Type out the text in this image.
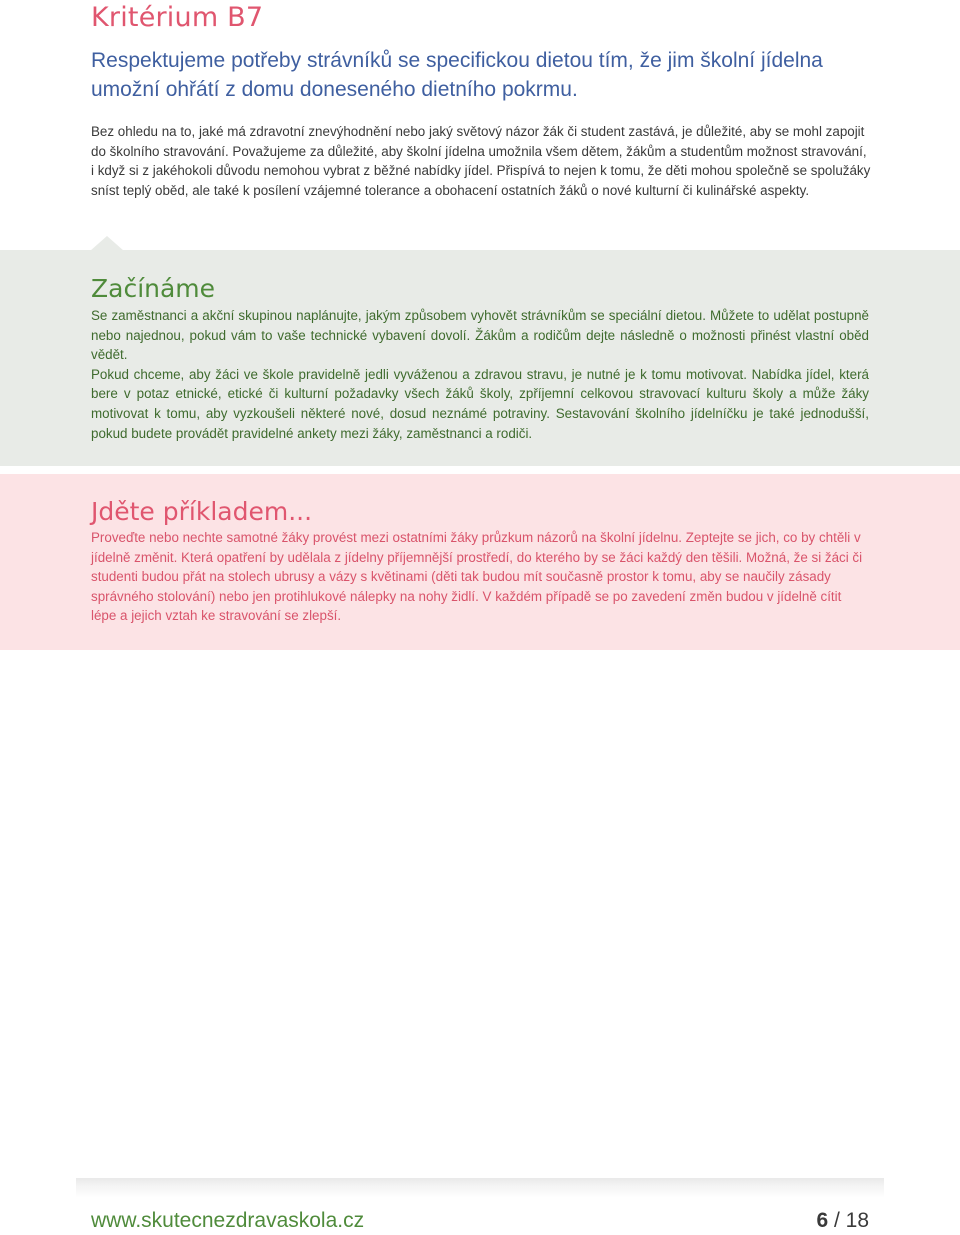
Kritérium B7
Respektujeme potřeby strávníků se specifickou dietou tím, že jim školní jídelna umožní ohřátí z domu doneseného dietního pokrmu.

Bez ohledu na to, jaké má zdravotní znevýhodnění nebo jaký světový názor žák či student zastává, je důležité, aby se mohl zapojit do školního stravování. Považujeme za důležité, aby školní jídelna umožnila všem dětem, žákům a studentům možnost stravování, i když si z jakéhokoli důvodu nemohou vybrat z běžné nabídky jídel. Přispívá to nejen k tomu, že děti mohou společně se spolužáky sníst teplý oběd, ale také k posílení vzájemné tolerance a obohacení ostatních žáků o nové kulturní či kulinářské aspekty.

Začínáme

Se zaměstnanci a akční skupinou naplánujte, jakým způsobem vyhovět strávníkům se speciální dietou. Můžete to udělat postupně nebo najednou, pokud vám to vaše technické vybavení dovolí. Žákům a rodičům dejte následně o možnosti přinést vlastní oběd vědět.

Pokud chceme, aby žáci ve škole pravidelně jedli vyváženou a zdravou stravu, je nutné je k tomu motivovat. Nabídka jídel, která bere v potaz etnické, etické či kulturní požadavky všech žáků školy, zpříjemní celkovou stravovací kulturu školy a může žáky motivovat k tomu, aby vyzkoušeli některé nové, dosud neznámé potraviny. Sestavování školního jídelníčku je také jednodušší, pokud budete provádět pravidelné ankety mezi žáky, zaměstnanci a rodiči.

Jděte příkladem...

Proveďte nebo nechte samotné žáky provést mezi ostatními žáky průzkum názorů na školní jídelnu. Zeptejte se jich, co by chtěli v jídelně změnit. Která opatření by udělala z jídelny příjemnější prostředí, do kterého by se žáci každý den těšili. Možná, že si žáci či studenti budou přát na stolech ubrusy a vázy s květinami (děti tak budou mít současně prostor k tomu, aby se naučily zásady správného stolování) nebo jen protihlukové nálepky na nohy židlí. V každém případě se po zavedení změn budou v jídelně cítit lépe a jejich vztah ke stravování se zlepší.

www.skutecnezdravaskola.cz	6 / 18
